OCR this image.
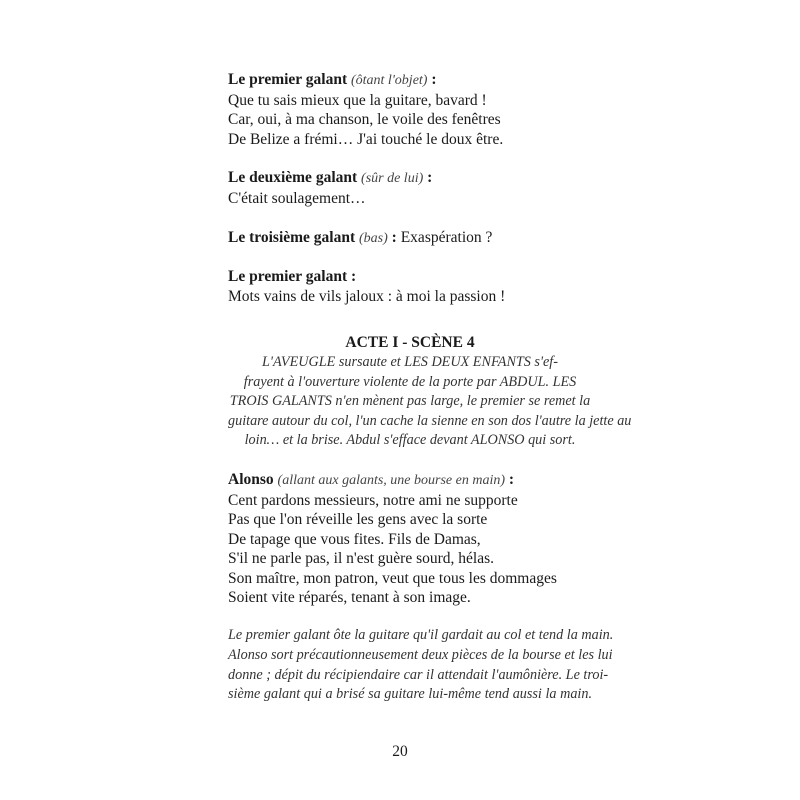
Le premier galant (ôtant l'objet) :
Que tu sais mieux que la guitare, bavard !
Car, oui, à ma chanson, le voile des fenêtres
De Belize a frémi… J'ai touché le doux être.
Le deuxième galant (sûr de lui) :
C'était soulagement…
Le troisième galant (bas) : Exaspération ?
Le premier galant :
Mots vains de vils jaloux : à moi la passion !
ACTE I - SCÈNE 4
L'AVEUGLE sursaute et LES DEUX ENFANTS s'ef-
frayent à l'ouverture violente de la porte par ABDUL. LES
TROIS GALANTS n'en mènent pas large, le premier se remet la
guitare autour du col, l'un cache la sienne en son dos l'autre la jette au
loin… et la brise. Abdul s'efface devant ALONSO qui sort.
Alonso (allant aux galants, une bourse en main) :
Cent pardons messieurs, notre ami ne supporte
Pas que l'on réveille les gens avec la sorte
De tapage que vous fites. Fils de Damas,
S'il ne parle pas, il n'est guère sourd, hélas.
Son maître, mon patron, veut que tous les dommages
Soient vite réparés, tenant à son image.
Le premier galant ôte la guitare qu'il gardait au col et tend la main.
Alonso sort précautionneusement deux pièces de la bourse et les lui
donne ; dépit du récipiendaire car il attendait l'aumônière. Le troi-
sième galant qui a brisé sa guitare lui-même tend aussi la main.
20
